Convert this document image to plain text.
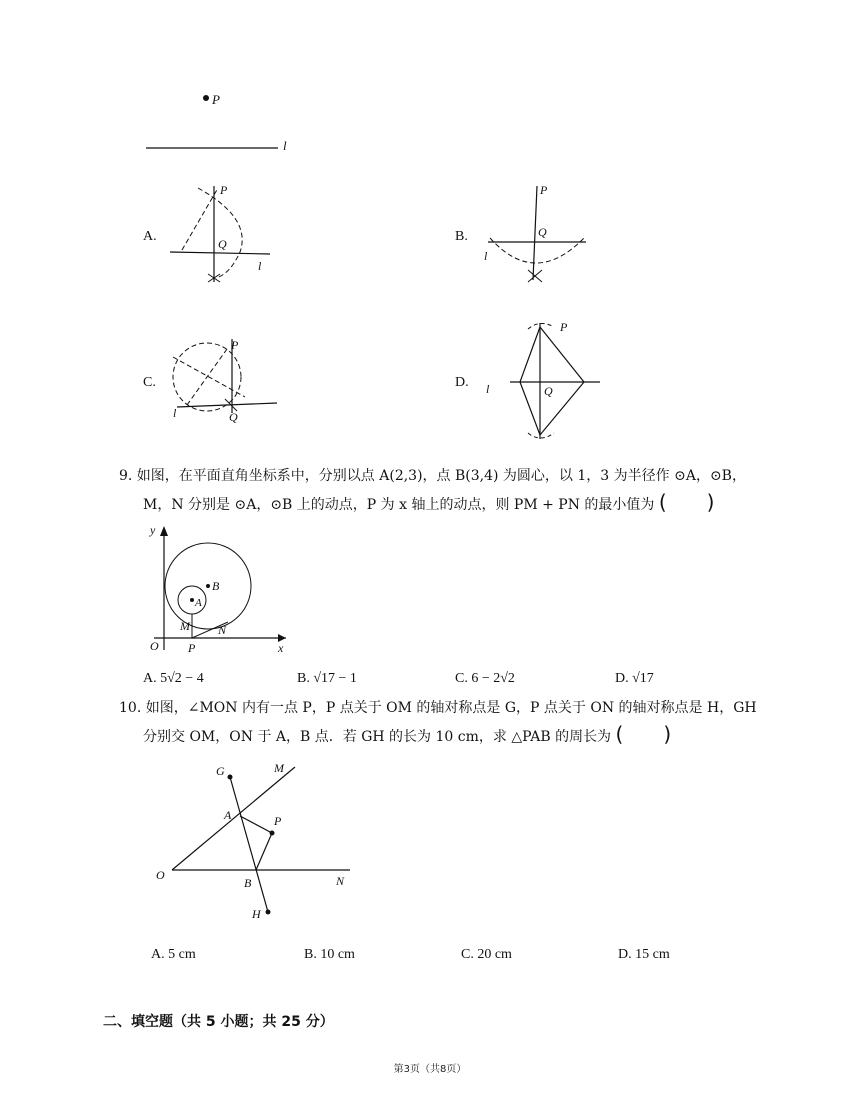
P
l
A.
P
Q
l
B.
P
Q
l
C.
P
l	Q
D.
P
l	Q
9. 如图，在平面直角坐标系中，分别以点 A(2,3)，点 B(3,4) 为圆心，以 1，3 为半径作 ⊙A，⊙B，
M，N 分别是 ⊙A，⊙B 上的动点，P 为 x 轴上的动点，则 PM + PN 的最小值为 (　　)
y
x
O
A
B
M N
P
A. 5√2 − 4	B. √17 − 1	C. 6 − 2√2	D. √17
10. 如图，∠MON 内有一点 P，P 点关于 OM 的轴对称点是 G，P 点关于 ON 的轴对称点是 H，GH
分别交 OM，ON 于 A，B 点．若 GH 的长为 10 cm，求 △PAB 的周长为 (　　)
G	M
A	P
O
B	N
H
A. 5 cm	B. 10 cm	C. 20 cm	D. 15 cm
二、填空题（共 5 小题；共 25 分）
第3页（共8页）
